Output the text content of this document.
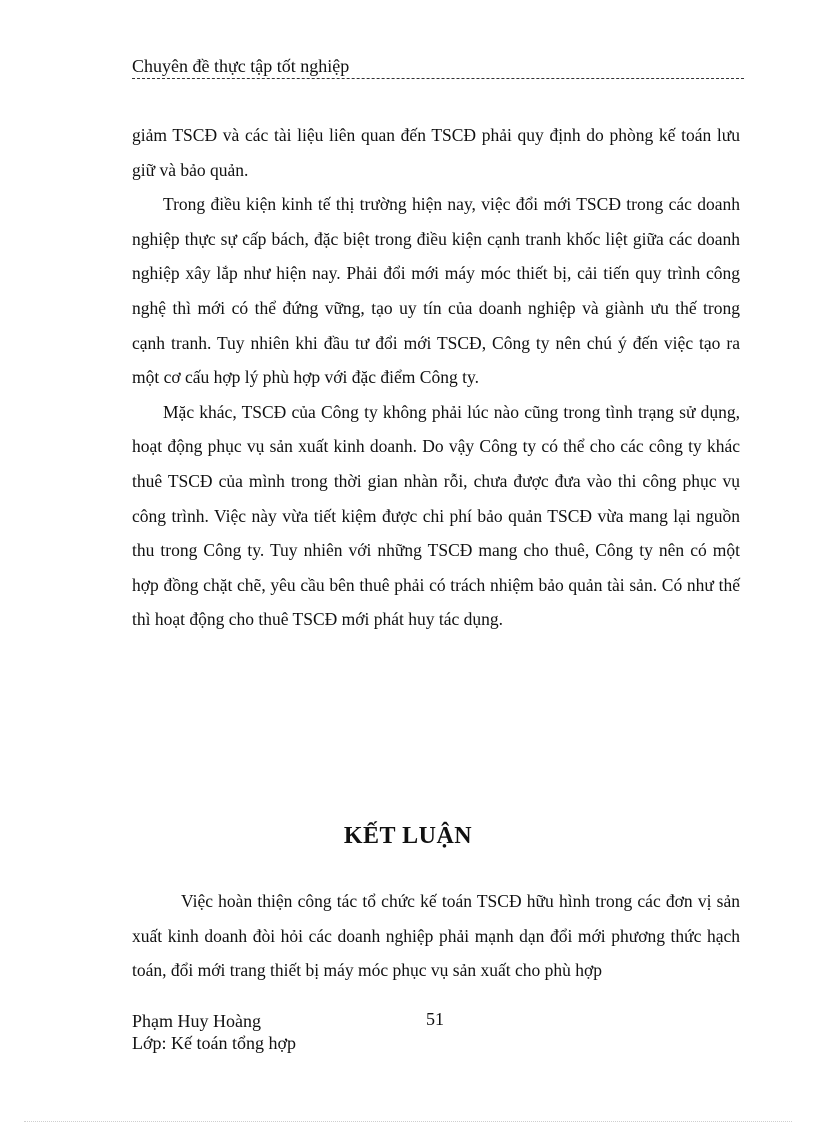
Chuyên đề thực tập tốt nghiệp

giảm TSCĐ và các tài liệu liên quan đến TSCĐ phải quy định do phòng kế toán lưu giữ và bảo quản.

Trong điều kiện kinh tế thị trường hiện nay, việc đổi mới TSCĐ trong các doanh nghiệp thực sự cấp bách, đặc biệt trong điều kiện cạnh tranh khốc liệt giữa các doanh nghiệp xây lắp như hiện nay. Phải đổi mới máy móc thiết bị, cải tiến quy trình công nghệ thì mới có thể đứng vững, tạo uy tín của doanh nghiệp và giành ưu thế trong cạnh tranh. Tuy nhiên khi đầu tư đổi mới TSCĐ, Công ty nên chú ý đến việc tạo ra một cơ cấu hợp lý phù hợp với đặc điểm Công ty.

Mặc khác, TSCĐ của Công ty không phải lúc nào cũng trong tình trạng sử dụng, hoạt động phục vụ sản xuất kinh doanh. Do vậy Công ty có thể cho các công ty khác thuê TSCĐ của mình trong thời gian nhàn rỗi, chưa được đưa vào thi công phục vụ công trình. Việc này vừa tiết kiệm được chi phí bảo quản TSCĐ vừa mang lại nguồn thu trong Công ty. Tuy nhiên với những TSCĐ mang cho thuê, Công ty nên có một hợp đồng chặt chẽ, yêu cầu bên thuê phải có trách nhiệm bảo quản tài sản. Có như thế thì hoạt động cho thuê TSCĐ mới phát huy tác dụng.

KẾT LUẬN

Việc hoàn thiện công tác tổ chức kế toán TSCĐ hữu hình trong các đơn vị sản xuất kinh doanh đòi hỏi các doanh nghiệp phải mạnh dạn đổi mới phương thức hạch toán, đổi mới trang thiết bị máy móc phục vụ sản xuất cho phù hợp

Phạm Huy Hoàng
Lớp: Kế toán tổng hợp
51
